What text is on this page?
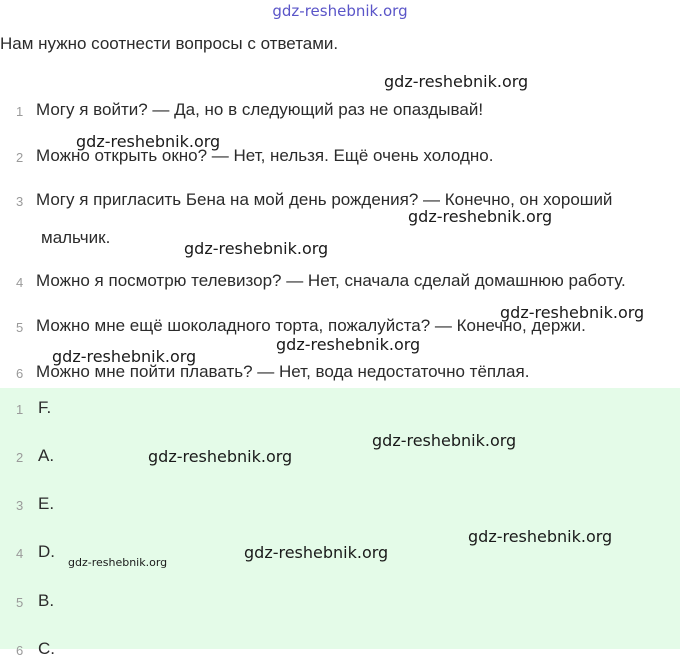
gdz-reshebnik.org
Нам нужно соотнести вопросы с ответами.
1 Могу я войти? — Да, но в следующий раз не опаздывай!
2 Можно открыть окно? — Нет, нельзя. Ещё очень холодно.
3 Могу я пригласить Бена на мой день рождения? — Конечно, он хороший
мальчик.
4 Можно я посмотрю телевизор? — Нет, сначала сделай домашнюю работу.
5 Можно мне ещё шоколадного торта, пожалуйста? — Конечно, держи.
6 Можно мне пойти плавать? — Нет, вода недостаточно тёплая.
1 F.
2 A.
3 E.
4 D.
5 B.
6 C.
gdz-reshebnik.org
gdz-reshebnik.org
gdz-reshebnik.org
gdz-reshebnik.org
gdz-reshebnik.org
gdz-reshebnik.org
gdz-reshebnik.org
gdz-reshebnik.org
gdz-reshebnik.org
gdz-reshebnik.org
gdz-reshebnik.org
gdz-reshebnik.org
